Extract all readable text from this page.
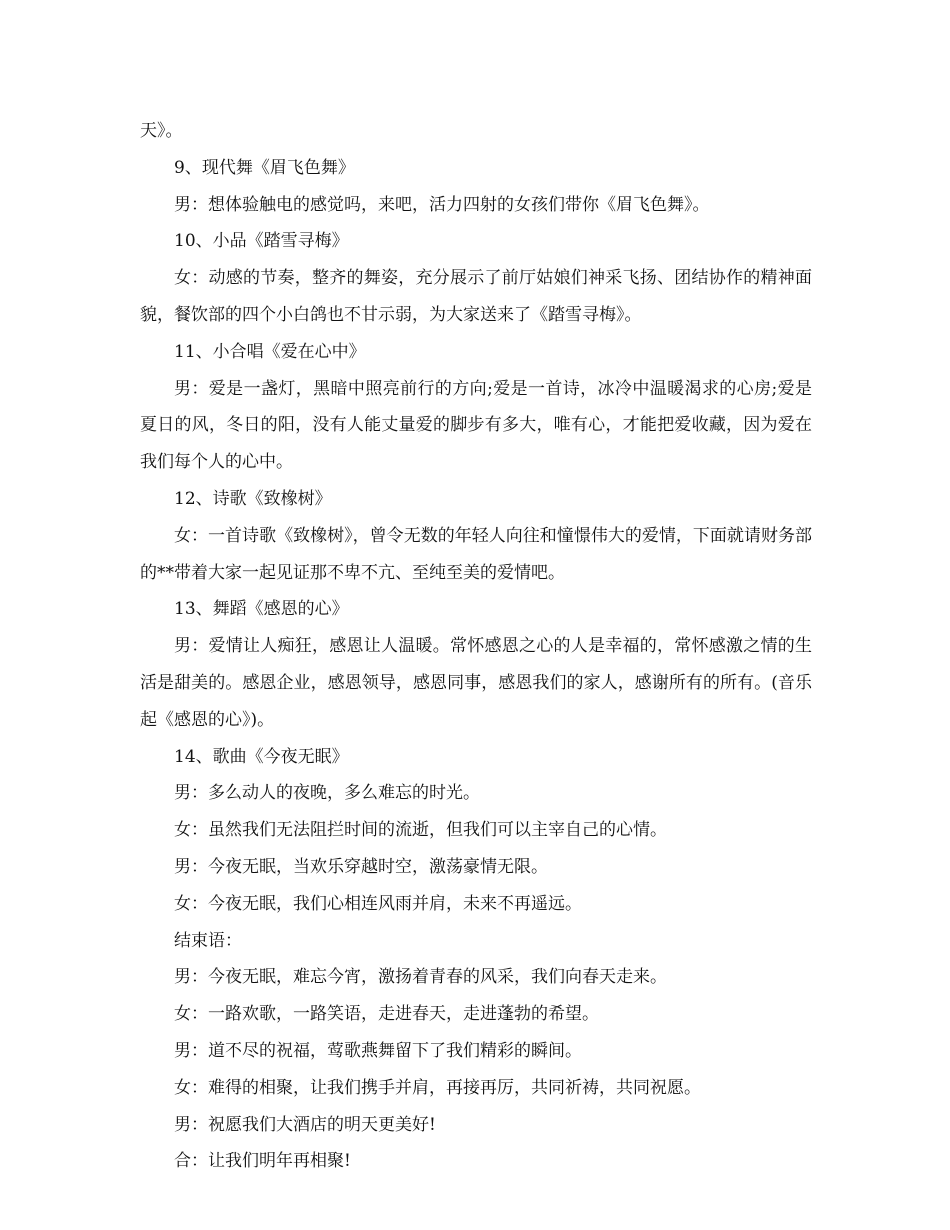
天》。

9、现代舞《眉飞色舞》

男：想体验触电的感觉吗，来吧，活力四射的女孩们带你《眉飞色舞》。

10、小品《踏雪寻梅》

女：动感的节奏，整齐的舞姿，充分展示了前厅姑娘们神采飞扬、团结协作的精神面貌，餐饮部的四个小白鸽也不甘示弱，为大家送来了《踏雪寻梅》。

11、小合唱《爱在心中》

男：爱是一盏灯，黑暗中照亮前行的方向;爱是一首诗，冰冷中温暖渴求的心房;爱是夏日的风，冬日的阳，没有人能丈量爱的脚步有多大，唯有心，才能把爱收藏，因为爱在我们每个人的心中。

12、诗歌《致橡树》

女：一首诗歌《致橡树》，曾令无数的年轻人向往和憧憬伟大的爱情，下面就请财务部的**带着大家一起见证那不卑不亢、至纯至美的爱情吧。

13、舞蹈《感恩的心》

男：爱情让人痴狂，感恩让人温暖。常怀感恩之心的人是幸福的，常怀感激之情的生活是甜美的。感恩企业，感恩领导，感恩同事，感恩我们的家人，感谢所有的所有。(音乐起《感恩的心》)。

14、歌曲《今夜无眠》

男：多么动人的夜晚，多么难忘的时光。

女：虽然我们无法阻拦时间的流逝，但我们可以主宰自己的心情。

男：今夜无眠，当欢乐穿越时空，激荡豪情无限。

女：今夜无眠，我们心相连风雨并肩，未来不再遥远。

结束语：

男：今夜无眠，难忘今宵，激扬着青春的风采，我们向春天走来。

女：一路欢歌，一路笑语，走进春天，走进蓬勃的希望。

男：道不尽的祝福，莺歌燕舞留下了我们精彩的瞬间。

女：难得的相聚，让我们携手并肩，再接再厉，共同祈祷，共同祝愿。

男：祝愿我们大酒店的明天更美好!

合：让我们明年再相聚!
